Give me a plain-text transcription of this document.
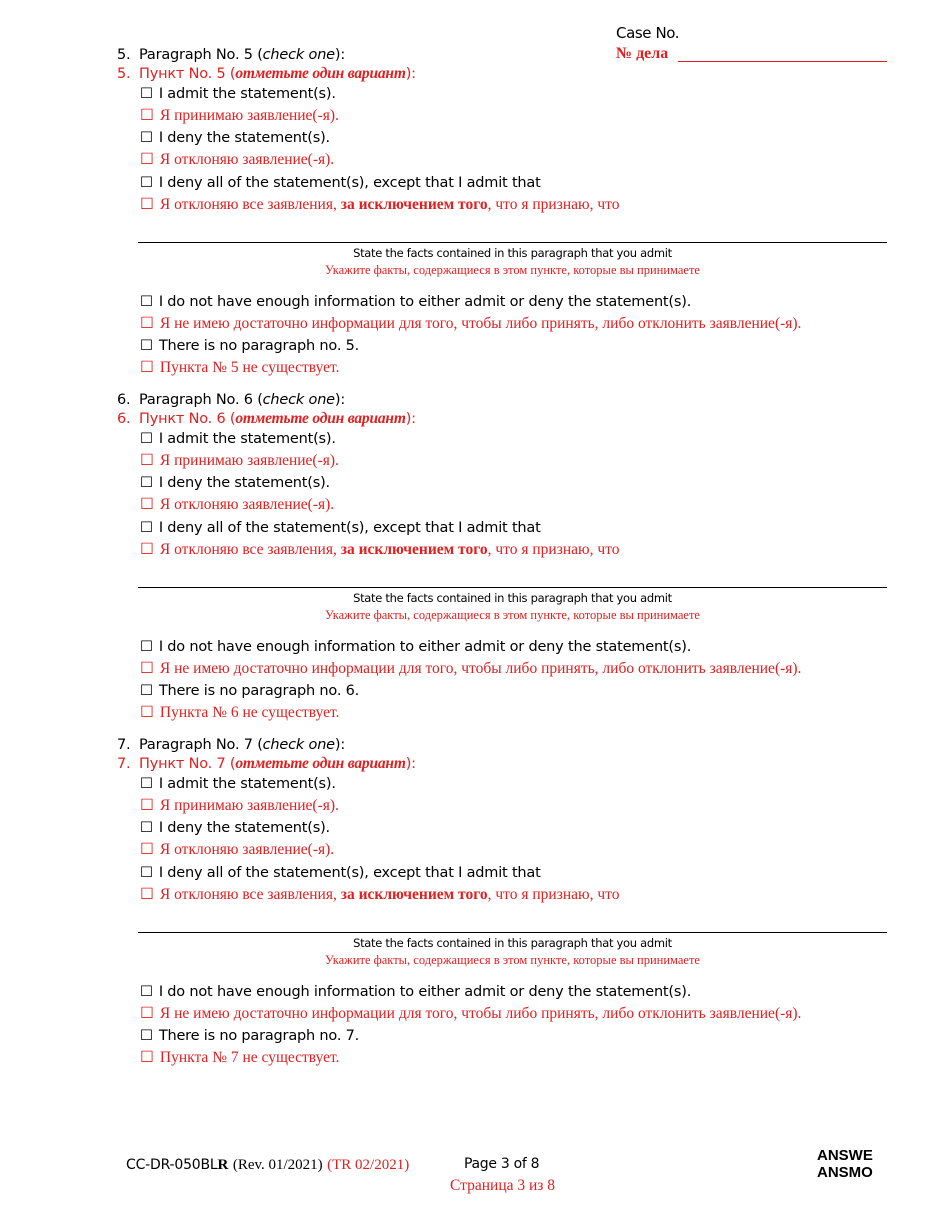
Case No.
№ дела
5. Paragraph No. 5 (check one):
5. Пункт No. 5 (отметьте один вариант):
☐ I admit the statement(s).
☐ Я принимаю заявление(-я).
☐ I deny the statement(s).
☐ Я отклоняю заявление(-я).
☐ I deny all of the statement(s), except that I admit that
☐ Я отклоняю все заявления, за исключением того, что я признаю, что
State the facts contained in this paragraph that you admit
Укажите факты, содержащиеся в этом пункте, которые вы принимаете
☐ I do not have enough information to either admit or deny the statement(s).
☐ Я не имею достаточно информации для того, чтобы либо принять, либо отклонить заявление(-я).
☐ There is no paragraph no. 5.
☐ Пункта № 5 не существует.
6. Paragraph No. 6 (check one):
6. Пункт No. 6 (отметьте один вариант):
☐ I admit the statement(s).
☐ Я принимаю заявление(-я).
☐ I deny the statement(s).
☐ Я отклоняю заявление(-я).
☐ I deny all of the statement(s), except that I admit that
☐ Я отклоняю все заявления, за исключением того, что я признаю, что
State the facts contained in this paragraph that you admit
Укажите факты, содержащиеся в этом пункте, которые вы принимаете
☐ I do not have enough information to either admit or deny the statement(s).
☐ Я не имею достаточно информации для того, чтобы либо принять, либо отклонить заявление(-я).
☐ There is no paragraph no. 6.
☐ Пункта № 6 не существует.
7. Paragraph No. 7 (check one):
7. Пункт No. 7 (отметьте один вариант):
☐ I admit the statement(s).
☐ Я принимаю заявление(-я).
☐ I deny the statement(s).
☐ Я отклоняю заявление(-я).
☐ I deny all of the statement(s), except that I admit that
☐ Я отклоняю все заявления, за исключением того, что я признаю, что
State the facts contained in this paragraph that you admit
Укажите факты, содержащиеся в этом пункте, которые вы принимаете
☐ I do not have enough information to either admit or deny the statement(s).
☐ Я не имею достаточно информации для того, чтобы либо принять, либо отклонить заявление(-я).
☐ There is no paragraph no. 7.
☐ Пункта № 7 не существует.
CC-DR-050BLR (Rev. 01/2021) (TR 02/2021)	Page 3 of 8
Страница 3 из 8
ANSWE
ANSMO
